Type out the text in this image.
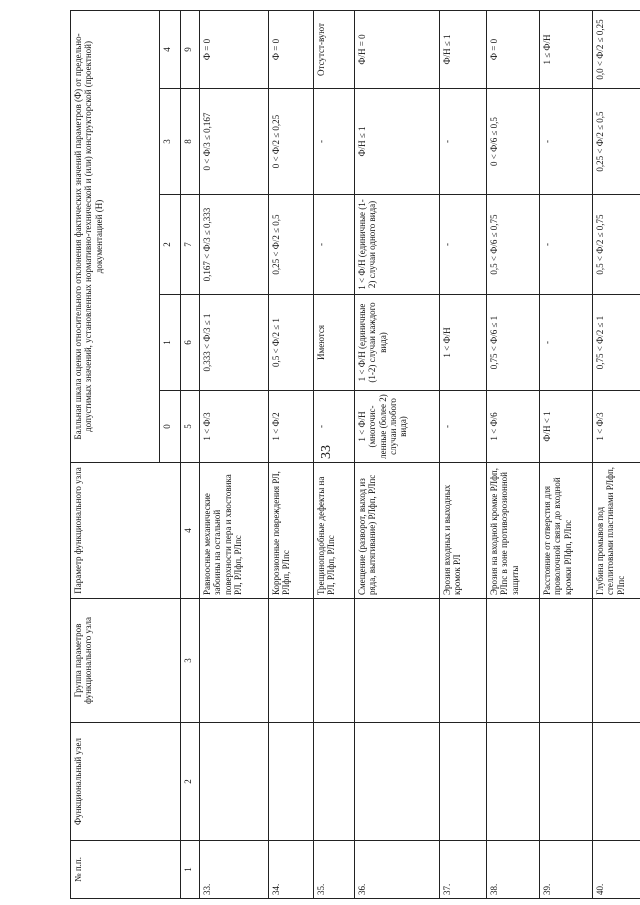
33
№ п.п.	Функциональный узел	Группа параметров функционального узла	Параметр функционального узла	Балльная шкала оценки относительного отклонения фактических значений параметров (Ф) от предельно-допустимых значений, установленных нормативно-технической и (или) конструкторской (проектной) документацией (Н)				
				0	1	2	3	4
1	2	3	4	5	6	7	8	9
33.			Равноосные механические забоины на остальной поверхности пера и хвостовика РЛ, РЛфп, РЛпс	1 < Ф/3	0,333 < Ф/3 ≤ 1	0,167 < Ф/3 ≤ 0,333	0 < Ф/3 ≤ 0,167	Ф = 0
34.			Коррозионные повреждения РЛ, РЛфп, РЛпс	1 < Ф/2	0,5 < Ф/2 ≤ 1	0,25 < Ф/2 ≤ 0,5	0 < Ф/2 ≤ 0,25	Ф = 0
35.			Трещиноподобные дефекты на РЛ, РЛфп, РЛпс	-	Имеются	-	-	Отсутст-вуют
36.			Смещение (разворот, выход из ряда, вытягивание) РЛфп, РЛпс	1 < Ф/Н (многочис-ленные (более 2) случаи любого вида)	1 < Ф/Н (единичные (1-2) случаи каждого вида)	1 < Ф/Н (единичные (1-2) случаи одного вида)	Ф/Н ≤ 1	Ф/Н = 0
37.			Эрозия входных и выходных кромок РЛ	-	1 < Ф/Н	-	-	Ф/Н ≤ 1
38.			Эрозия на входной кромке РЛфп, РЛпс в зоне противоэрозионной защиты	1 < Ф/6	0,75 < Ф/6 ≤ 1	0,5 < Ф/6 ≤ 0,75	0 < Ф/6 ≤ 0,5	Ф = 0
39.			Расстояние от отверстия для проволочной связи до входной кромки РЛфп, РЛпс	Ф/Н < 1	-	-	-	1 ≤ Ф/Н
40.			Глубина промывов под стеллитовыми пластинами РЛфп, РЛпс	1 < Ф/3	0,75 < Ф/2 ≤ 1	0,5 < Ф/2 ≤ 0,75	0,25 < Ф/2 ≤ 0,5	0,0 < Ф/2 ≤ 0,25
